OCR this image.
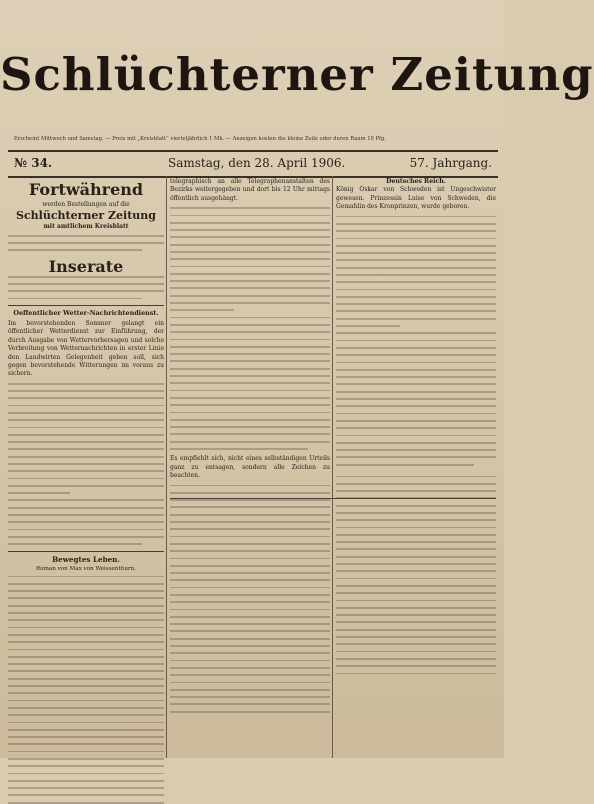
Schlüchterner Zeitung
Erscheint Mittwoch und Samstag. — Preis mit „Kreisblatt“ vierteljährlich 1 Mk. — Anzeigen kosten die kleine Zeile oder deren Raum 10 Pfg.
№ 34.	Samstag, den 28. April 1906.	57. Jahrgang.
Fortwährend
werden Bestellungen auf die
Schlüchterner Zeitung
mit amtlichem Kreisblatt
Inserate
Oeffentlicher Wetter-Nachrichtendienst.
Im bevorstehenden Sommer gelangt ein öffentlicher Wetterdienst zur Einführung, der durch Ausgabe von Wettervorhersagen und solche Verbreitung von Wetternachrichten in erster Linie den Landwirten Gelegenheit geben soll, sich gegen bevorstehende Witterungen im voraus zu sichern.
Bewegtes Leben.
Roman von Max von Weissenthurn.
telegraphisch an alle Telegraphenanstalten des Bezirks weitergegeben und dort bis 12 Uhr mittags öffentlich ausgehängt.
Es empfiehlt sich, nicht eines selbständigen Urteils ganz zu entsagen, sondern alle Zeichen zu beachten.
Deutsches Reich.
König Oskar von Schweden ist Ungeschwister gewesen. Prinzessin Luise von Schweden, die Gemahlin des Kronprinzen, wurde geboren.
